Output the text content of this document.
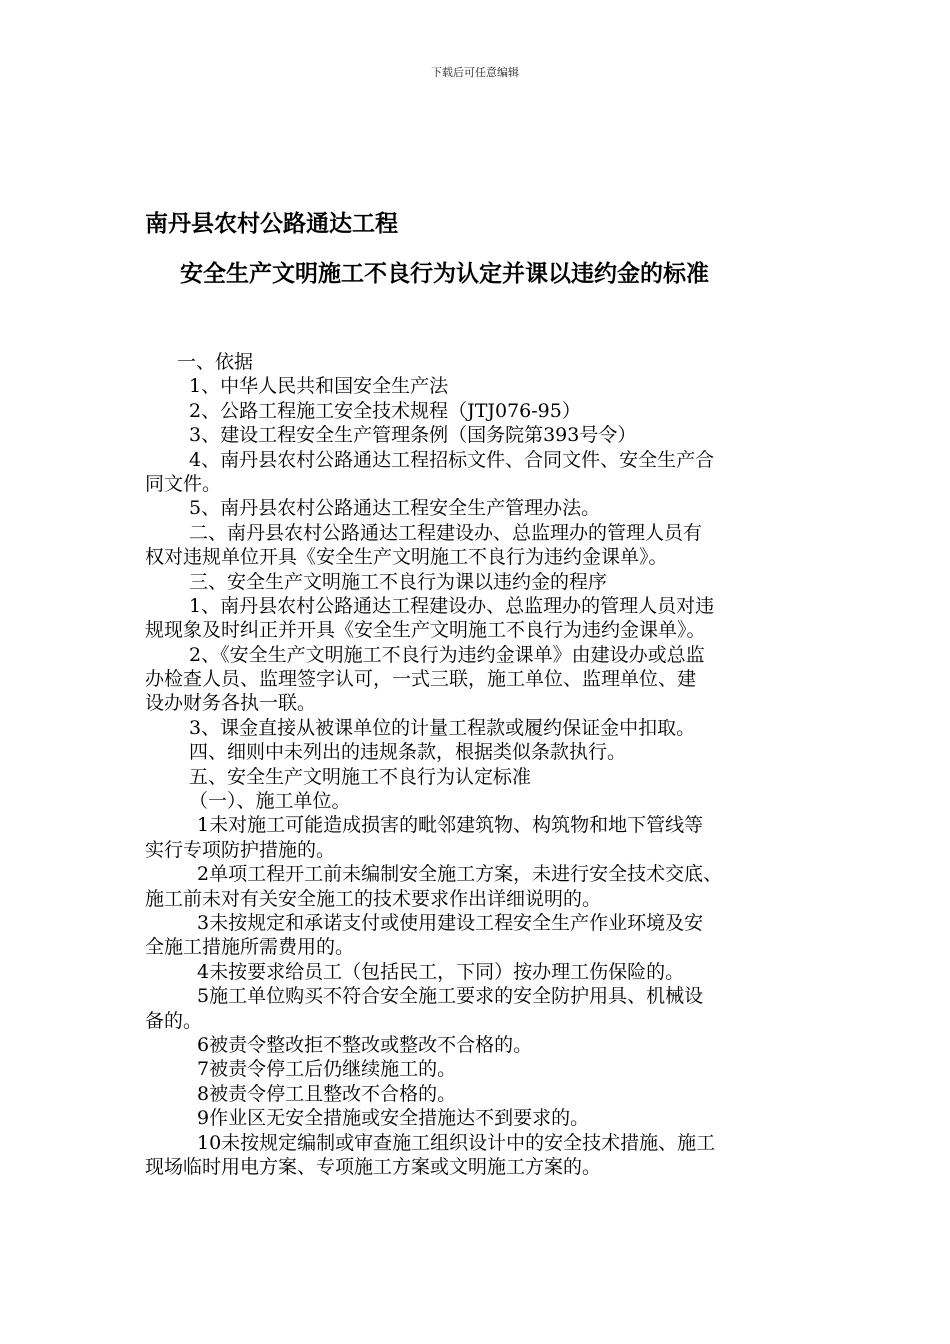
下载后可任意编辑
南丹县农村公路通达工程
安全生产文明施工不良行为认定并课以违约金的标准
一、依据
1、中华人民共和国安全生产法
2、公路工程施工安全技术规程（JTJ076-95）
3、建设工程安全生产管理条例（国务院第393号令）
4、南丹县农村公路通达工程招标文件、合同文件、安全生产合
同文件。
5、南丹县农村公路通达工程安全生产管理办法。
二、南丹县农村公路通达工程建设办、总监理办的管理人员有
权对违规单位开具《安全生产文明施工不良行为违约金课单》。
三、安全生产文明施工不良行为课以违约金的程序
1、南丹县农村公路通达工程建设办、总监理办的管理人员对违
规现象及时纠正并开具《安全生产文明施工不良行为违约金课单》。
2、《安全生产文明施工不良行为违约金课单》由建设办或总监
办检查人员、监理签字认可，一式三联，施工单位、监理单位、建
设办财务各执一联。
3、课金直接从被课单位的计量工程款或履约保证金中扣取。
四、细则中未列出的违规条款，根据类似条款执行。
五、安全生产文明施工不良行为认定标准
（一）、施工单位。
1未对施工可能造成损害的毗邻建筑物、构筑物和地下管线等
实行专项防护措施的。
2单项工程开工前未编制安全施工方案，未进行安全技术交底、
施工前未对有关安全施工的技术要求作出详细说明的。
3未按规定和承诺支付或使用建设工程安全生产作业环境及安
全施工措施所需费用的。
4未按要求给员工（包括民工，下同）按办理工伤保险的。
5施工单位购买不符合安全施工要求的安全防护用具、机械设
备的。
6被责令整改拒不整改或整改不合格的。
7被责令停工后仍继续施工的。
8被责令停工且整改不合格的。
9作业区无安全措施或安全措施达不到要求的。
10未按规定编制或审查施工组织设计中的安全技术措施、施工
现场临时用电方案、专项施工方案或文明施工方案的。
